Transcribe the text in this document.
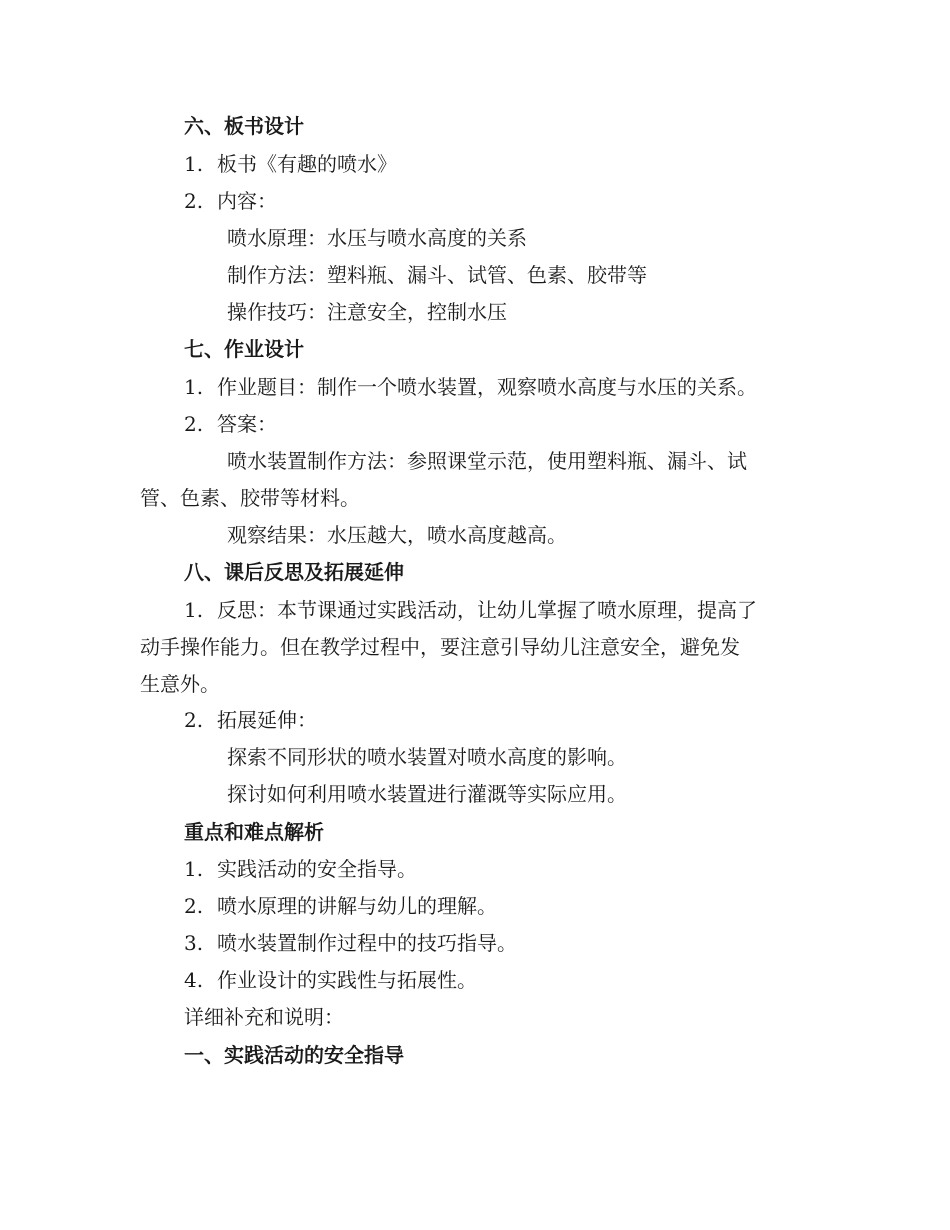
六、板书设计
1. 板书《有趣的喷水》
2. 内容：
喷水原理：水压与喷水高度的关系
制作方法：塑料瓶、漏斗、试管、色素、胶带等
操作技巧：注意安全，控制水压
七、作业设计
1. 作业题目：制作一个喷水装置，观察喷水高度与水压的关系。
2. 答案：
喷水装置制作方法：参照课堂示范，使用塑料瓶、漏斗、试
管、色素、胶带等材料。
观察结果：水压越大，喷水高度越高。
八、课后反思及拓展延伸
1. 反思：本节课通过实践活动，让幼儿掌握了喷水原理，提高了
动手操作能力。但在教学过程中，要注意引导幼儿注意安全，避免发
生意外。
2. 拓展延伸：
探索不同形状的喷水装置对喷水高度的影响。
探讨如何利用喷水装置进行灌溉等实际应用。
重点和难点解析
1. 实践活动的安全指导。
2. 喷水原理的讲解与幼儿的理解。
3. 喷水装置制作过程中的技巧指导。
4. 作业设计的实践性与拓展性。
详细补充和说明：
一、实践活动的安全指导
